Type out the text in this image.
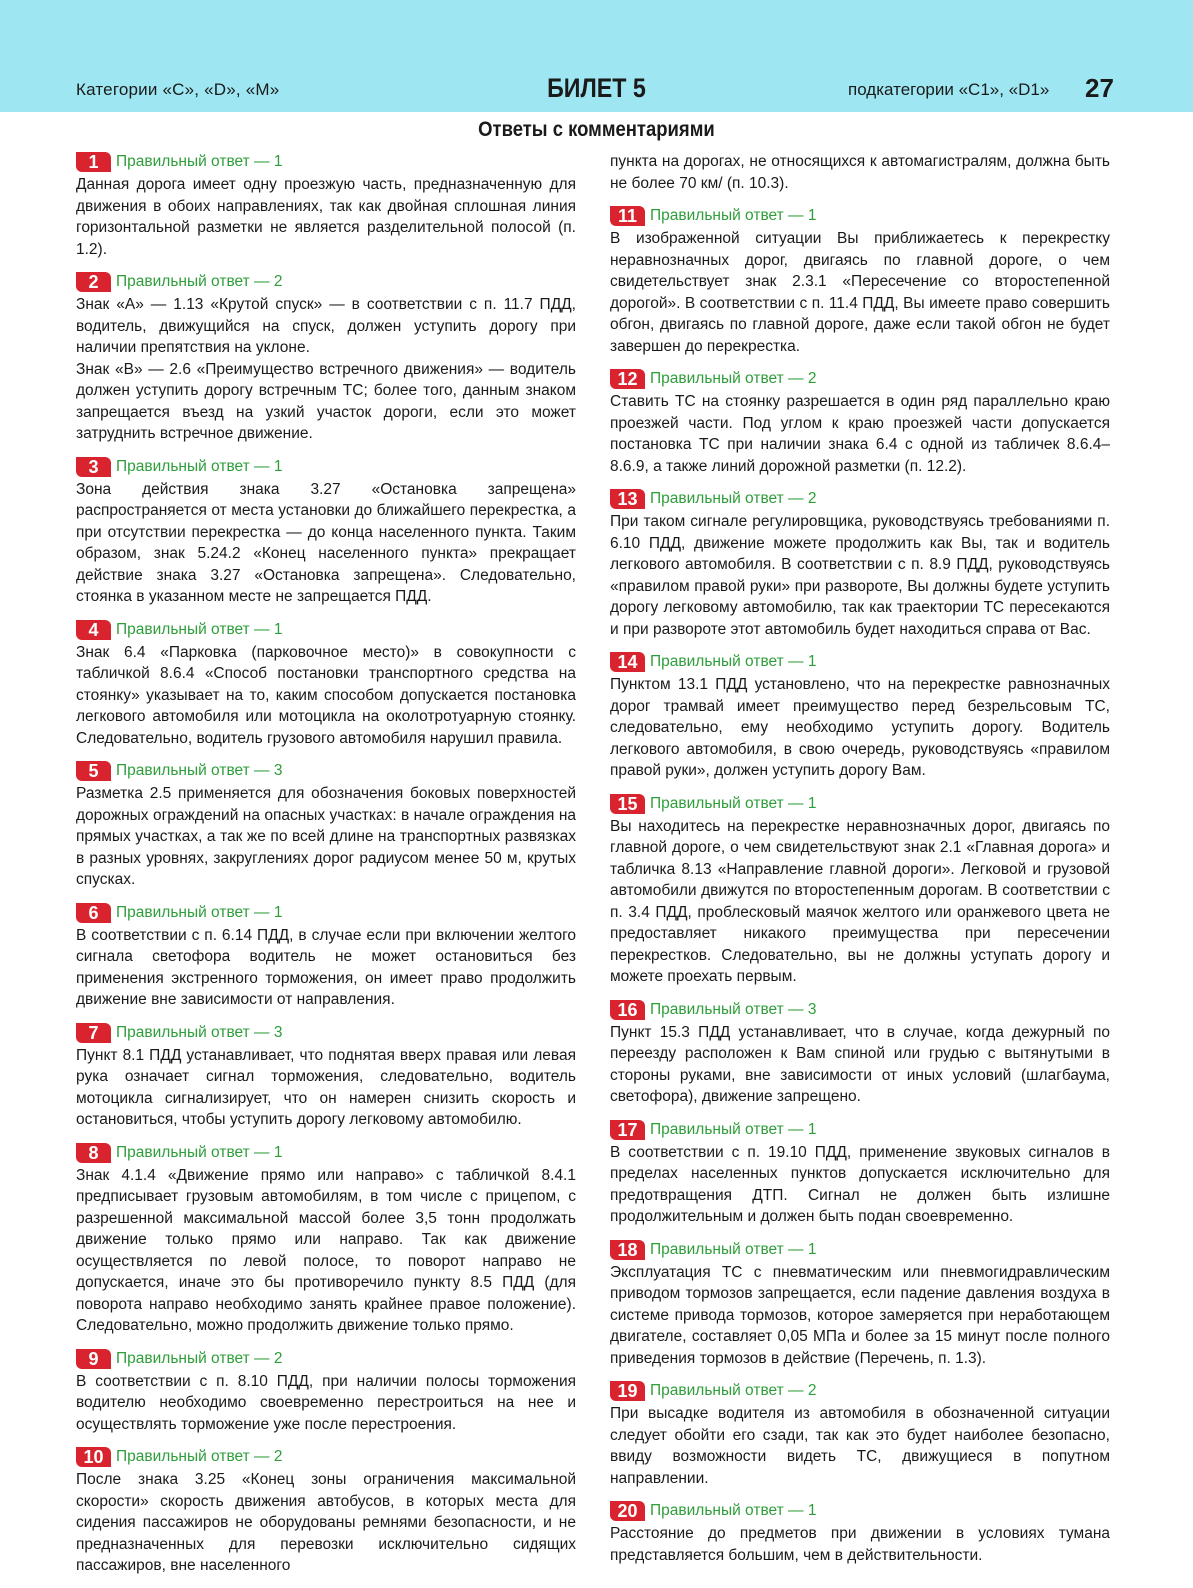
Категории «C», «D», «M»	БИЛЕТ 5	подкатегории «C1», «D1» 27
Ответы с комментариями
1	Правильный ответ — 1

Данная дорога имеет одну проезжую часть, предназначенную для движения в обоих направлениях, так как двойная сплошная линия горизонтальной разметки не является разделительной полосой (п. 1.2).

2	Правильный ответ — 2

Знак «А» — 1.13 «Крутой спуск» — в соответствии с п. 11.7 ПДД, водитель, движущийся на спуск, должен уступить дорогу при наличии препятствия на уклоне.
Знак «В» — 2.6 «Преимущество встречного движения» — водитель должен уступить дорогу встречным ТС; более того, данным знаком запрещается въезд на узкий участок дороги, если это может затруднить встречное движение.

3	Правильный ответ — 1

Зона действия знака 3.27 «Остановка запрещена» распространяется от места установки до ближайшего перекрестка, а при отсутствии перекрестка — до конца населенного пункта. Таким образом, знак 5.24.2 «Конец населенного пункта» прекращает действие знака 3.27 «Остановка запрещена». Следовательно, стоянка в указанном месте не запрещается ПДД.

4	Правильный ответ — 1

Знак 6.4 «Парковка (парковочное место)» в совокупности с табличкой 8.6.4 «Способ постановки транспортного средства на стоянку» указывает на то, каким способом допускается постановка легкового автомобиля или мотоцикла на околотротуарную стоянку. Следовательно, водитель грузового автомобиля нарушил правила.

5	Правильный ответ — 3

Разметка 2.5 применяется для обозначения боковых поверхностей дорожных ограждений на опасных участках: в начале ограждения на прямых участках, а так же по всей длине на транспортных развязках в разных уровнях, закруглениях дорог радиусом менее 50 м, крутых спусках.

6	Правильный ответ — 1

В соответствии с п. 6.14 ПДД, в случае если при включении желтого сигнала светофора водитель не может остановиться без применения экстренного торможения, он имеет право продолжить движение вне зависимости от направления.

7	Правильный ответ — 3

Пункт 8.1 ПДД устанавливает, что поднятая вверх правая или левая рука означает сигнал торможения, следовательно, водитель мотоцикла сигнализирует, что он намерен снизить скорость и остановиться, чтобы уступить дорогу легковому автомобилю.

8	Правильный ответ — 1

Знак 4.1.4 «Движение прямо или направо» с табличкой 8.4.1 предписывает грузовым автомобилям, в том числе с прицепом, с разрешенной максимальной массой более 3,5 тонн продолжать движение только прямо или направо. Так как движение осуществляется по левой полосе, то поворот направо не допускается, иначе это бы противоречило пункту 8.5 ПДД (для поворота направо необходимо занять крайнее правое положение). Следовательно, можно продолжить движение только прямо.

9	Правильный ответ — 2

В соответствии с п. 8.10 ПДД, при наличии полосы торможения водителю необходимо своевременно перестроиться на нее и осуществлять торможение уже после перестроения.

10 Правильный ответ — 2

После знака 3.25 «Конец зоны ограничения максимальной скорости» скорость движения автобусов, в которых места для сидения пассажиров не оборудованы ремнями безопасности, и не предназначенных для перевозки исключительно сидящих пассажиров, вне населенного

пункта на дорогах, не относящихся к автомагистралям, должна быть не более 70 км/ (п. 10.3).

11 Правильный ответ — 1

В изображенной ситуации Вы приближаетесь к перекрестку неравнозначных дорог, двигаясь по главной дороге, о чем свидетельствует знак 2.3.1 «Пересечение со второстепенной дорогой». В соответствии с п. 11.4 ПДД, Вы имеете право совершить обгон, двигаясь по главной дороге, даже если такой обгон не будет завершен до перекрестка.

12 Правильный ответ — 2

Ставить ТС на стоянку разрешается в один ряд параллельно краю проезжей части. Под углом к краю проезжей части допускается постановка ТС при наличии знака 6.4 с одной из табличек 8.6.4–8.6.9, а также линий дорожной разметки (п. 12.2).

13 Правильный ответ — 2

При таком сигнале регулировщика, руководствуясь требованиями п. 6.10 ПДД, движение можете продолжить как Вы, так и водитель легкового автомобиля. В соответствии с п. 8.9 ПДД, руководствуясь «правилом правой руки» при развороте, Вы должны будете уступить дорогу легковому автомобилю, так как траектории ТС пересекаются и при развороте этот автомобиль будет находиться справа от Вас.

14 Правильный ответ — 1

Пунктом 13.1 ПДД установлено, что на перекрестке равнозначных дорог трамвай имеет преимущество перед безрельсовым ТС, следовательно, ему необходимо уступить дорогу. Водитель легкового автомобиля, в свою очередь, руководствуясь «правилом правой руки», должен уступить дорогу Вам.

15 Правильный ответ — 1

Вы находитесь на перекрестке неравнозначных дорог, двигаясь по главной дороге, о чем свидетельствуют знак 2.1 «Главная дорога» и табличка 8.13 «Направление главной дороги». Легковой и грузовой автомобили движутся по второстепенным дорогам. В соответствии с п. 3.4 ПДД, проблесковый маячок желтого или оранжевого цвета не предоставляет никакого преимущества при пересечении перекрестков. Следовательно, вы не должны уступать дорогу и можете проехать первым.

16 Правильный ответ — 3

Пункт 15.3 ПДД устанавливает, что в случае, когда дежурный по переезду расположен к Вам спиной или грудью с вытянутыми в стороны руками, вне зависимости от иных условий (шлагбаума, светофора), движение запрещено.

17 Правильный ответ — 1

В соответствии с п. 19.10 ПДД, применение звуковых сигналов в пределах населенных пунктов допускается исключительно для предотвращения ДТП. Сигнал не должен быть излишне продолжительным и должен быть подан своевременно.

18 Правильный ответ — 1

Эксплуатация ТС с пневматическим или пневмогидравлическим приводом тормозов запрещается, если падение давления воздуха в системе привода тормозов, которое замеряется при неработающем двигателе, составляет 0,05 МПа и более за 15 минут после полного приведения тормозов в действие (Перечень, п. 1.3).

19 Правильный ответ — 2

При высадке водителя из автомобиля в обозначенной ситуации следует обойти его сзади, так как это будет наиболее безопасно, ввиду возможности видеть ТС, движущиеся в попутном направлении.

20 Правильный ответ — 1

Расстояние до предметов при движении в условиях тумана представляется большим, чем в действительности.
